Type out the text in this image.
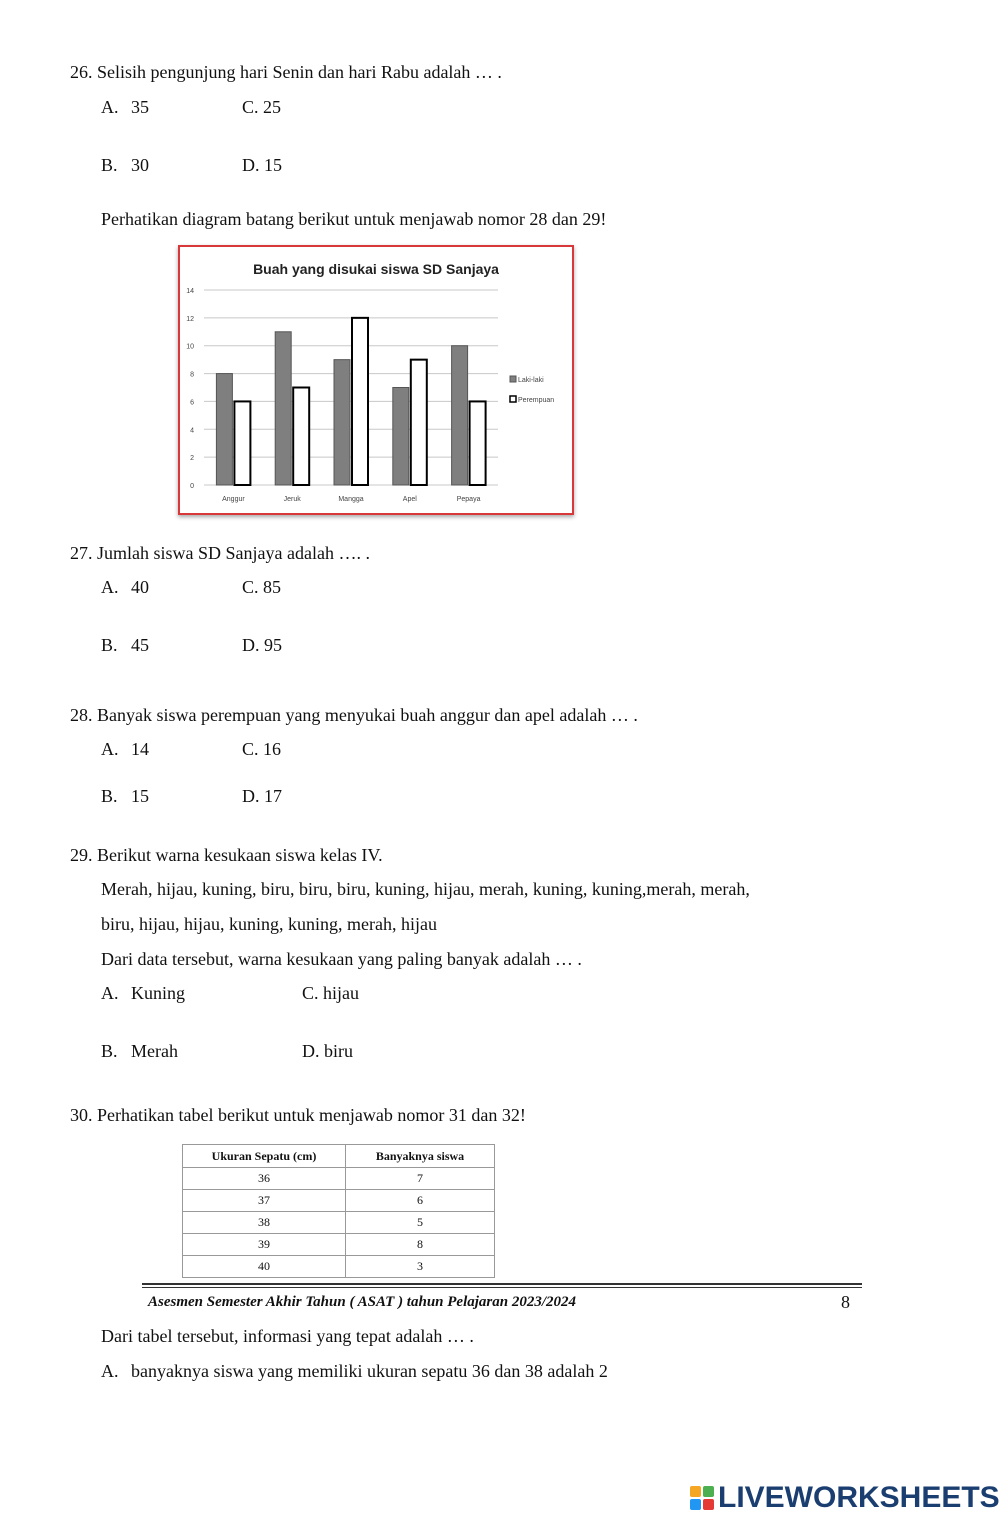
26. Selisih pengunjung hari Senin dan hari Rabu adalah … .
A. 35	C. 25
B. 30	D. 15
Perhatikan diagram batang berikut untuk menjawab nomor 28 dan 29!
Buah yang disukai siswa SD Sanjaya
0
2
4
6
8
10
12
14
Anggur	Jeruk	Mangga	Apel	Pepaya
Laki-laki
Perempuan
27. Jumlah siswa SD Sanjaya adalah …. .
A. 40	C. 85
B. 45	D. 95
28. Banyak siswa perempuan yang menyukai buah anggur dan apel adalah … .
A. 14	C. 16
B. 15	D. 17
29. Berikut warna kesukaan siswa kelas IV.
Merah, hijau, kuning, biru, biru, biru, kuning, hijau, merah, kuning, kuning,merah, merah,
biru, hijau, hijau, kuning, kuning, merah, hijau
Dari data tersebut, warna kesukaan yang paling banyak adalah … .
A. Kuning	C. hijau
B. Merah	D. biru
30. Perhatikan tabel berikut untuk menjawab nomor 31 dan 32!
Ukuran Sepatu (cm)	Banyaknya siswa
36	7
37	6
38	5
39	8
40	3
Asesmen Semester Akhir Tahun ( ASAT ) tahun Pelajaran 2023/2024	8
Dari tabel tersebut, informasi yang tepat adalah … .
A. banyaknya siswa yang memiliki ukuran sepatu 36 dan 38 adalah 2
LIVEWORKSHEETS
